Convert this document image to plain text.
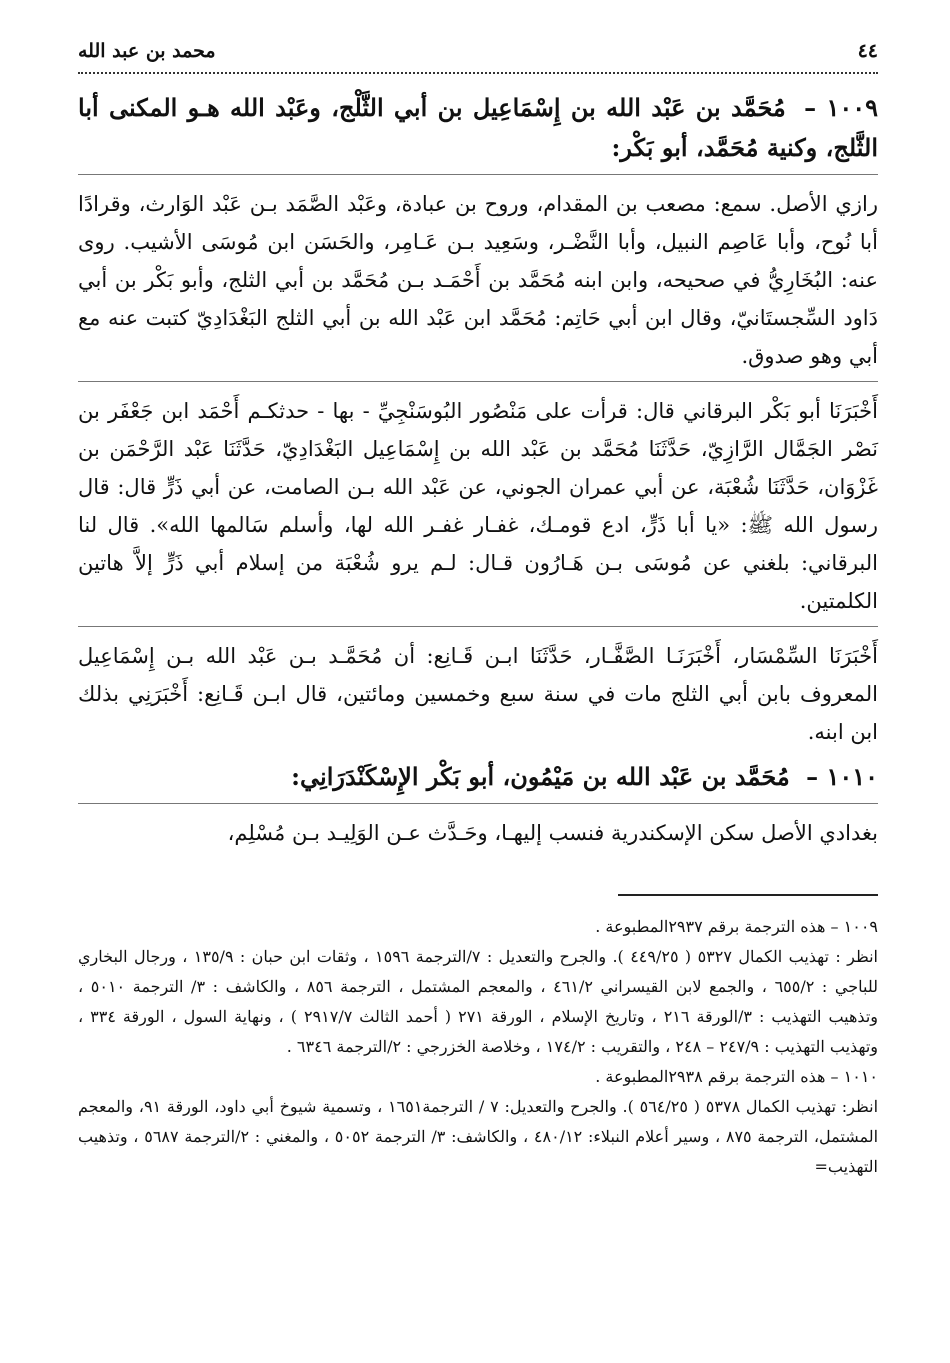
٤٤
محمد بن عبد الله
١٠٠٩ – مُحَمَّد بن عَبْد الله بن إِسْمَاعِيل بن أبي الثَّلْج، وعَبْد الله هـو المكنى أبا الثَّلج، وكنية مُحَمَّد، أبو بَكْر:

رازي الأصل. سمع: مصعب بن المقدام، وروح بن عبادة، وعَبْد الصَّمَد بـن عَبْد الوَارث، وقرادًا أبا نُوح، وأبا عَاصِم النبيل، وأبا النَّضْـر، وسَعِيد بـن عَـامِر، والحَسَن ابن مُوسَى الأشيب. روى عنه: البُخَارِيُّ في صحيحه، وابن ابنه مُحَمَّد بن أَحْمَـد بـن مُحَمَّد بن أبي الثلج، وأبو بَكْر بن أبي دَاود السِّجستَانيّ، وقال ابن أبي حَاتِم: مُحَمَّد ابن عَبْد الله بن أبي الثلج البَغْدَادِيّ كتبت عنه مع أبي وهو صدوق.

أَخْبَرَنَا أبو بَكْر البرقاني قال: قرأت على مَنْصُور البُوسَنْجِيِّ - بها - حدثكـم أَحْمَد ابن جَعْفَر بن نَصْر الجَمَّال الرَّازِيّ، حَدَّثَنَا مُحَمَّد بن عَبْد الله بن إِسْمَاعِيل البَغْدَادِيّ، حَدَّثَنَا عَبْد الرَّحْمَن بن غَزْوَان، حَدَّثَنَا شُعْبَة، عن أبي عمران الجوني، عن عَبْد الله بـن الصامت، عن أبي ذَرٍّ قال: قال رسول الله ﷺ: «يا أبا ذَرٍّ، ادع قومـك، غفـار غفـر الله لها، وأسلم سَالمها الله». قال لنا البرقاني: بلغني عن مُوسَى بـن هَـارُون قـال: لـم يرو شُعْبَة من إسلام أبي ذَرٍّ إلاَّ هاتين الكلمتين.

أَخْبَرَنَا السِّمْسَار، أَخْبَرَنَـا الصَّفَّـار، حَدَّثَنَا ابـن قَـانِع: أن مُحَمَّـد بـن عَبْد الله بـن إِسْمَاعِيل المعروف بابن أبي الثلج مات في سنة سبع وخمسين ومائتين، قال ابـن قَـانِع: أَخْبَرَنِي بذلك ابن ابنه.

١٠١٠ – مُحَمَّد بن عَبْد الله بن مَيْمُون، أبو بَكْر الإِسْكَنْدَرَانِي:

بغدادي الأصل سكن الإسكندرية فنسب إليهـا، وحَـدَّث عـن الوَلِيـد بـن مُسْلِم،

١٠٠٩ – هذه الترجمة برقم ٢٩٣٧المطبوعة .

انظر : تهذيب الكمال ٥٣٢٧ ( ٤٤٩/٢٥ ). والجرح والتعديل : ٧/الترجمة ١٥٩٦ ، وثقات ابن حبان : ١٣٥/٩ ، ورجال البخاري للباجي : ٦٥٥/٢ ، والجمع لابن القيسراني ٤٦١/٢ ، والمعجم المشتمل ، الترجمة ٨٥٦ ، والكاشف : ٣/ الترجمة ٥٠١٠ ، وتذهيب التهذيب : ٣/الورقة ٢١٦ ، وتاريخ الإسلام ، الورقة ٢٧١ ( أحمد الثالث ٢٩١٧/٧ ) ، ونهاية السول ، الورقة ٣٣٤ ، وتهذيب التهذيب : ٢٤٧/٩ – ٢٤٨ ، والتقريب : ١٧٤/٢ ، وخلاصة الخزرجي : ٢/الترجمة ٦٣٤٦ .

١٠١٠ – هذه الترجمة برقم ٢٩٣٨المطبوعة .

انظر: تهذيب الكمال ٥٣٧٨ ( ٥٦٤/٢٥ ). والجرح والتعديل: ٧ / الترجمة١٦٥١ ، وتسمية شيوخ أبي داود، الورقة ٩١، والمعجم المشتمل، الترجمة ٨٧٥ ، وسير أعلام النبلاء: ٤٨٠/١٢ ، والكاشف: ٣/ الترجمة ٥٠٥٢ ، والمغني : ٢/الترجمة ٥٦٨٧ ، وتذهيب التهذيب=
